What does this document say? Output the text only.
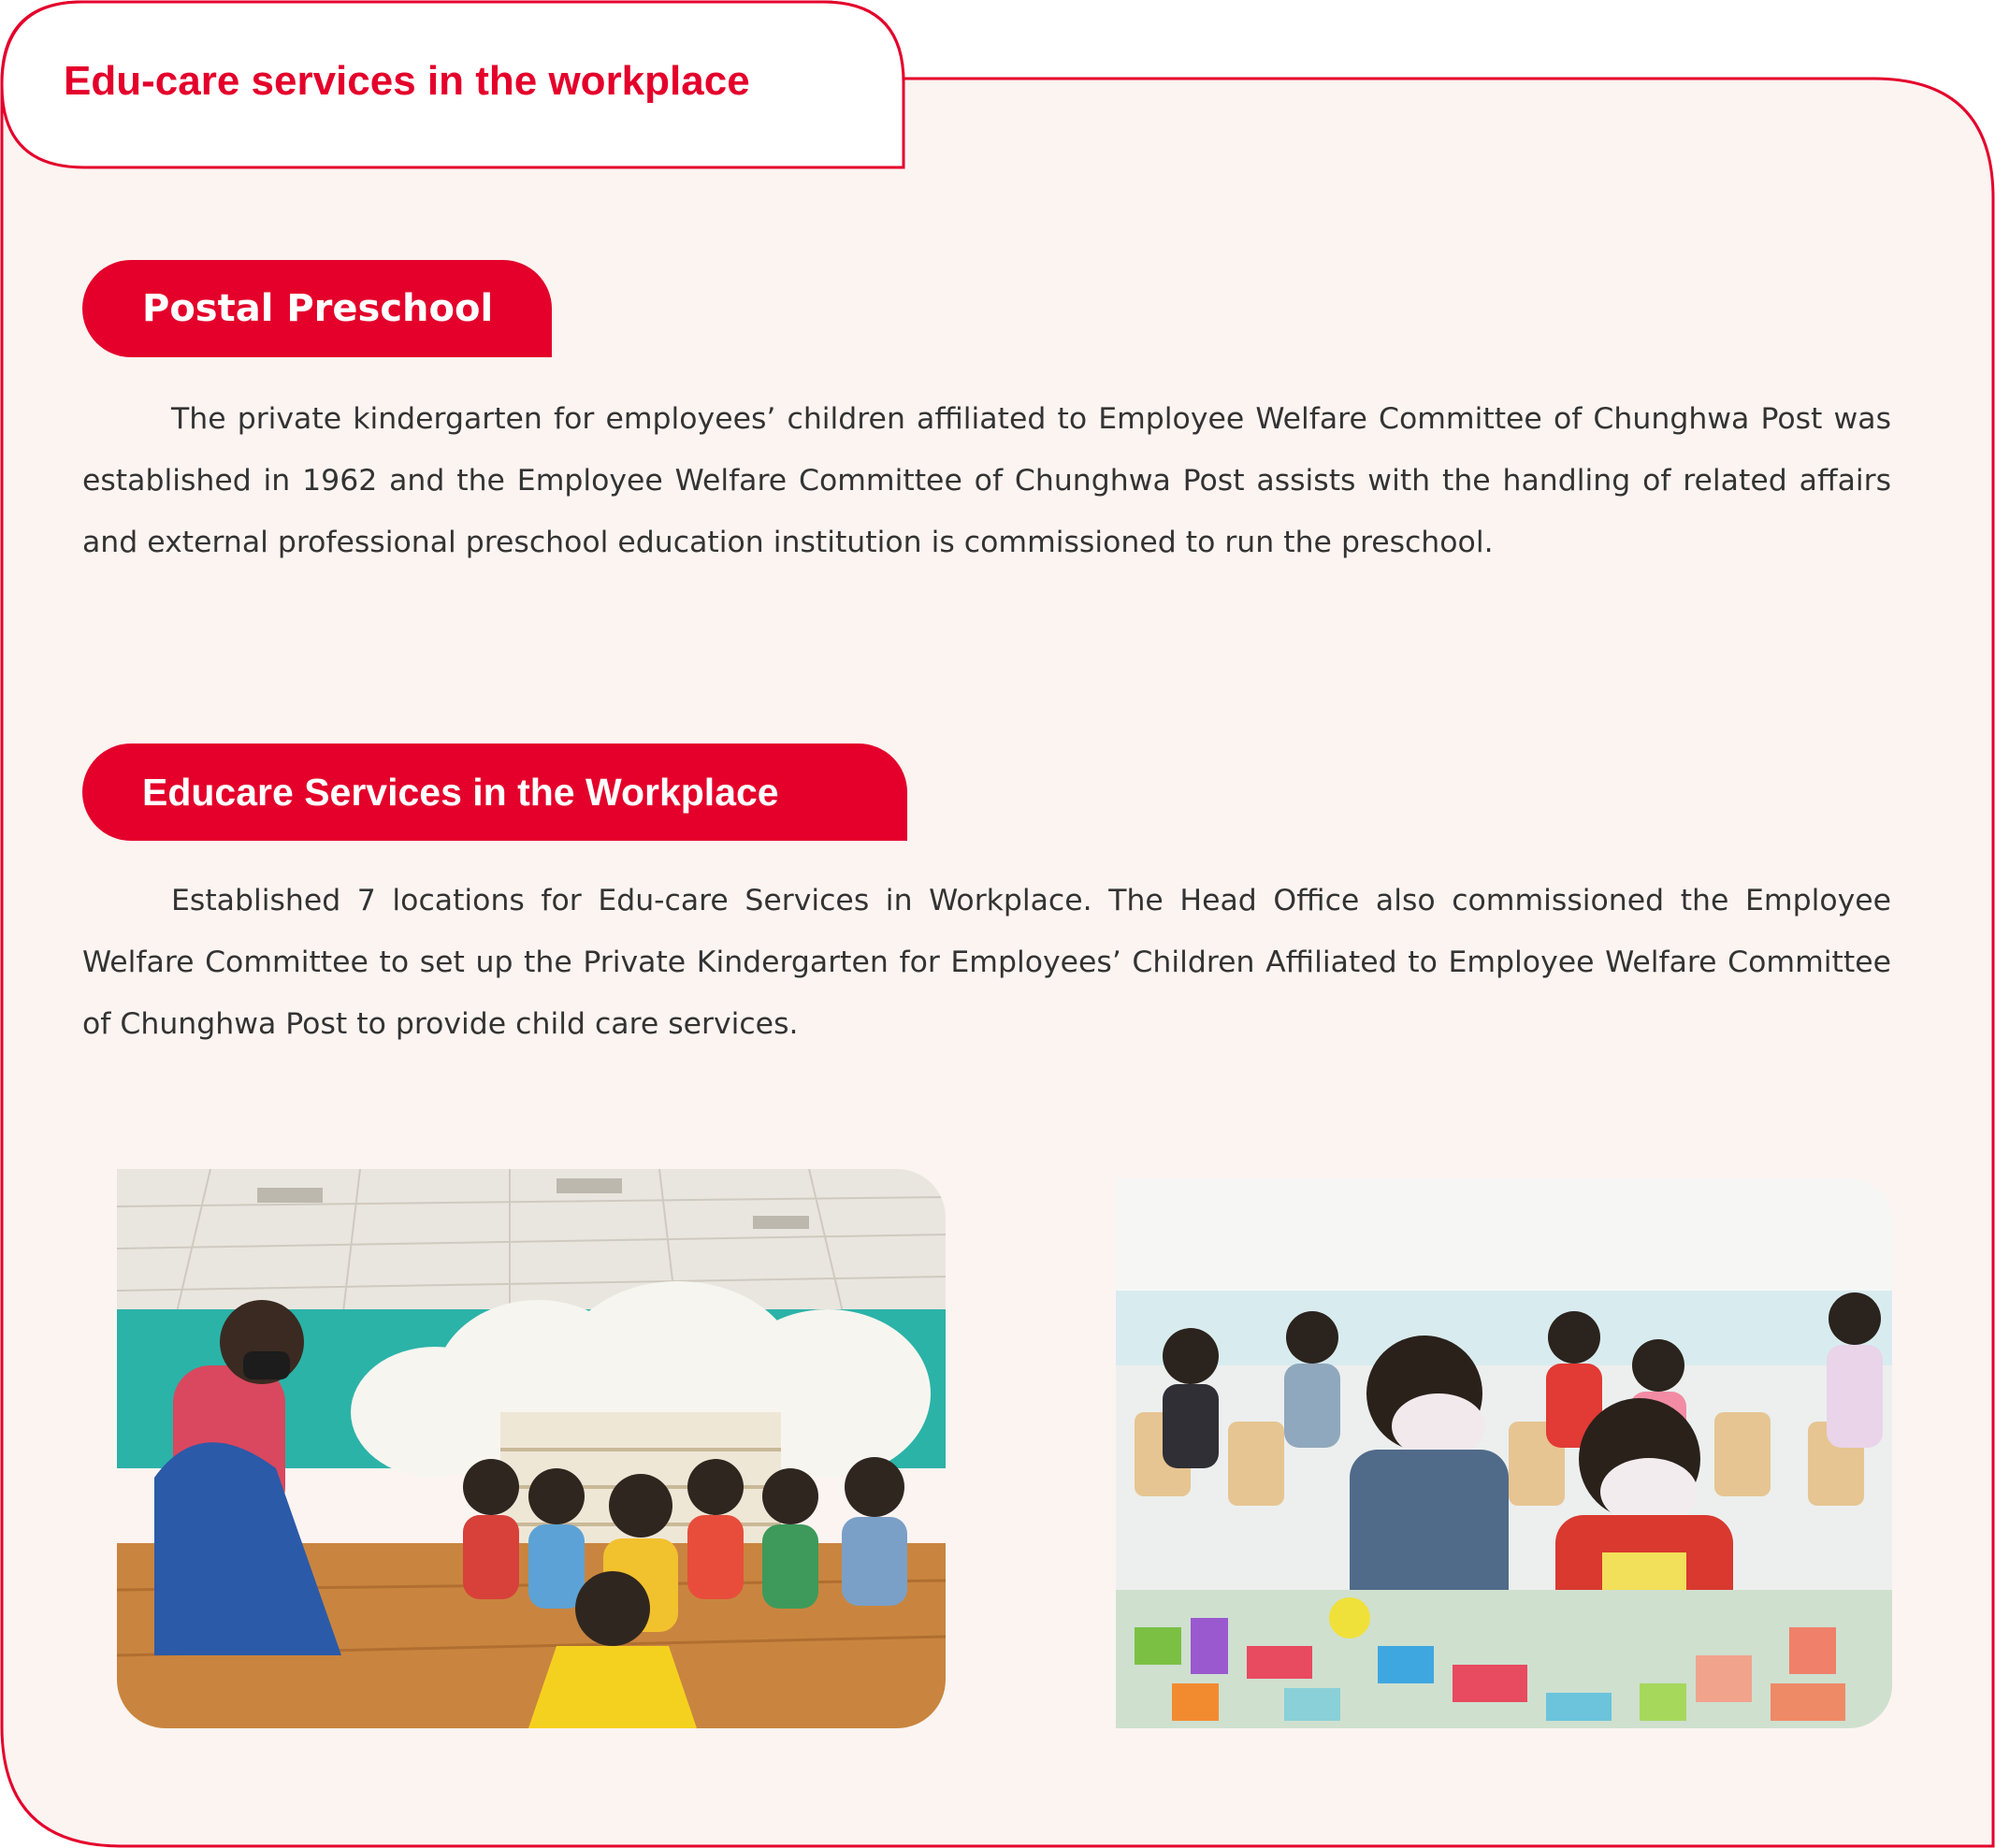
Edu-care services in the workplace
Postal Preschool

The private kindergarten for employees’ children affiliated to Employee Welfare Committee of Chunghwa Post was established in 1962 and the Employee Welfare Committee of Chunghwa Post assists with the handling of related affairs and external professional preschool education institution is commissioned to run the preschool.

Educare Services in the Workplace

Established 7 locations for Edu-care Services in Workplace. The Head Office also commissioned the Employee Welfare Committee to set up the Private Kindergarten for Employees’ Children Affiliated to Employee Welfare Committee of Chunghwa Post to provide child care services.
